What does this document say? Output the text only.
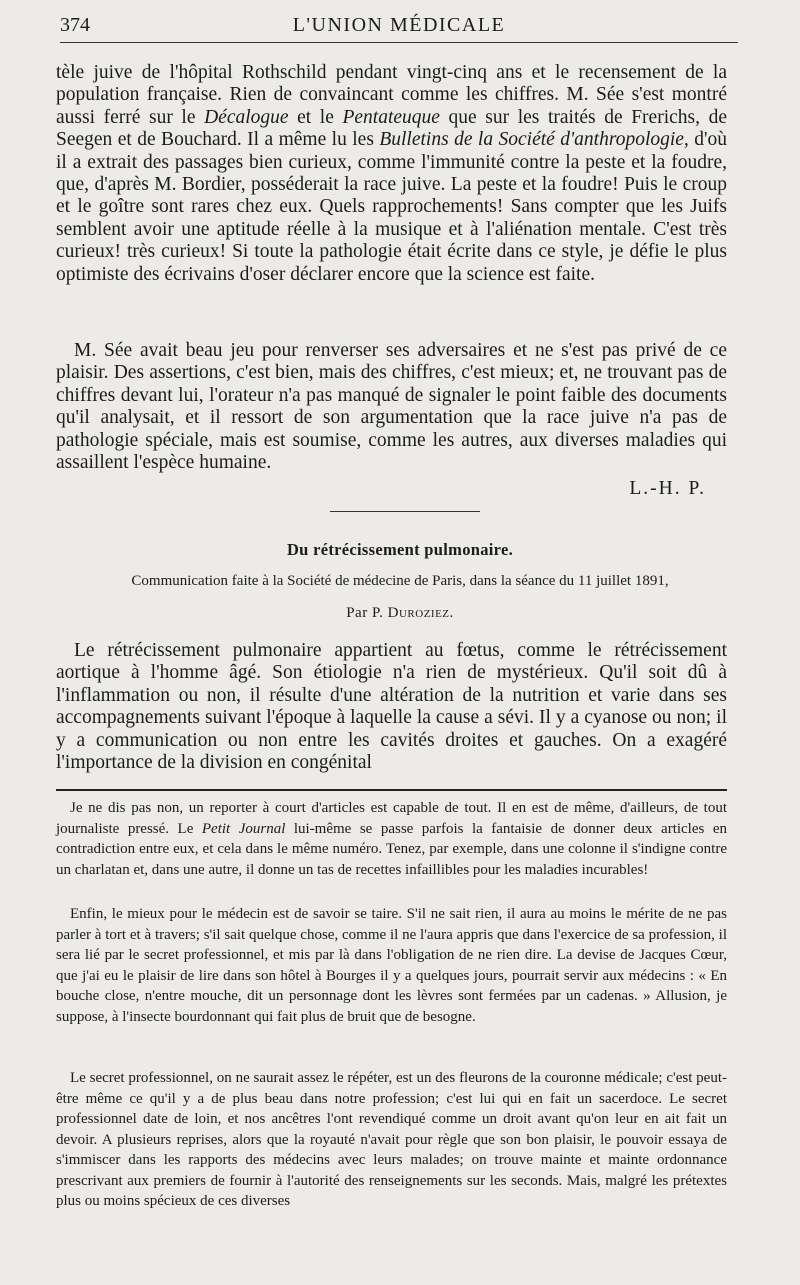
374	L'UNION MÉDICALE
tèle juive de l'hôpital Rothschild pendant vingt-cinq ans et le recensement de la population française. Rien de convaincant comme les chiffres. M. Sée s'est montré aussi ferré sur le Décalogue et le Pentateuque que sur les traités de Frerichs, de Seegen et de Bouchard. Il a même lu les Bulletins de la Société d'anthropologie, d'où il a extrait des passages bien curieux, comme l'immunité contre la peste et la foudre, que, d'après M. Bordier, posséderait la race juive. La peste et la foudre! Puis le croup et le goître sont rares chez eux. Quels rapprochements! Sans compter que les Juifs semblent avoir une aptitude réelle à la musique et à l'aliénation mentale. C'est très curieux! très curieux! Si toute la pathologie était écrite dans ce style, je défie le plus optimiste des écrivains d'oser déclarer encore que la science est faite.
M. Sée avait beau jeu pour renverser ses adversaires et ne s'est pas privé de ce plaisir. Des assertions, c'est bien, mais des chiffres, c'est mieux; et, ne trouvant pas de chiffres devant lui, l'orateur n'a pas manqué de signaler le point faible des documents qu'il analysait, et il ressort de son argumentation que la race juive n'a pas de pathologie spéciale, mais est soumise, comme les autres, aux diverses maladies qui assaillent l'espèce humaine.
L.-H. P.
Du rétrécissement pulmonaire.
Communication faite à la Société de médecine de Paris, dans la séance du 11 juillet 1891,
Par P. Duroziez.
Le rétrécissement pulmonaire appartient au fœtus, comme le rétrécissement aortique à l'homme âgé. Son étiologie n'a rien de mystérieux. Qu'il soit dû à l'inflammation ou non, il résulte d'une altération de la nutrition et varie dans ses accompagnements suivant l'époque à laquelle la cause a sévi. Il y a cyanose ou non; il y a communication ou non entre les cavités droites et gauches. On a exagéré l'importance de la division en congénital
Je ne dis pas non, un reporter à court d'articles est capable de tout. Il en est de même, d'ailleurs, de tout journaliste pressé. Le Petit Journal lui-même se passe parfois la fantaisie de donner deux articles en contradiction entre eux, et cela dans le même numéro. Tenez, par exemple, dans une colonne il s'indigne contre un charlatan et, dans une autre, il donne un tas de recettes infaillibles pour les maladies incurables!
Enfin, le mieux pour le médecin est de savoir se taire. S'il ne sait rien, il aura au moins le mérite de ne pas parler à tort et à travers; s'il sait quelque chose, comme il ne l'aura appris que dans l'exercice de sa profession, il sera lié par le secret professionnel, et mis par là dans l'obligation de ne rien dire. La devise de Jacques Cœur, que j'ai eu le plaisir de lire dans son hôtel à Bourges il y a quelques jours, pourrait servir aux médecins : « En bouche close, n'entre mouche, dit un personnage dont les lèvres sont fermées par un cadenas. » Allusion, je suppose, à l'insecte bourdonnant qui fait plus de bruit que de besogne.
Le secret professionnel, on ne saurait assez le répéter, est un des fleurons de la couronne médicale; c'est peut-être même ce qu'il y a de plus beau dans notre profession; c'est lui qui en fait un sacerdoce. Le secret professionnel date de loin, et nos ancêtres l'ont revendiqué comme un droit avant qu'on leur en ait fait un devoir. A plusieurs reprises, alors que la royauté n'avait pour règle que son bon plaisir, le pouvoir essaya de s'immiscer dans les rapports des médecins avec leurs malades; on trouve mainte et mainte ordonnance prescrivant aux premiers de fournir à l'autorité des renseignements sur les seconds. Mais, malgré les prétextes plus ou moins spécieux de ces diverses
